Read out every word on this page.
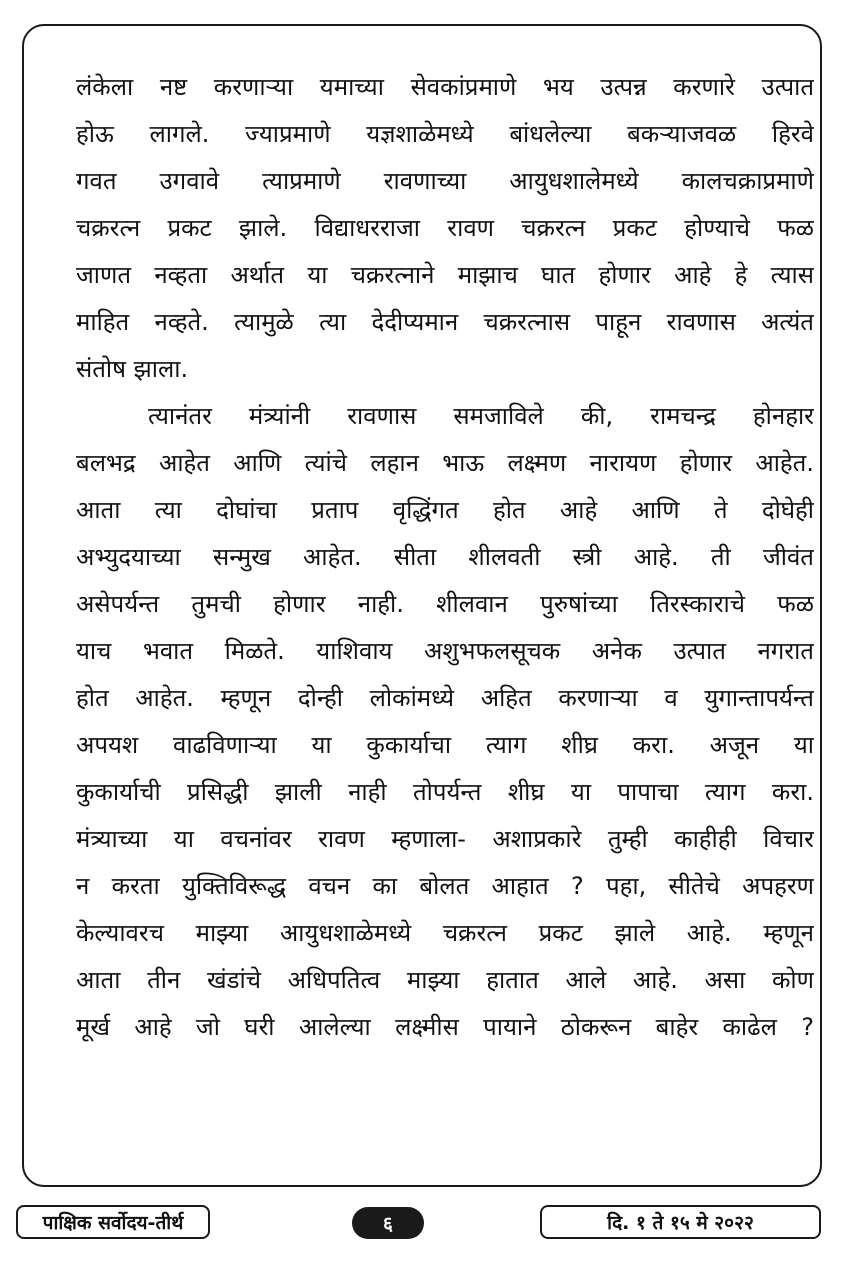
लंकेला नष्ट करणाऱ्या यमाच्या सेवकांप्रमाणे भय उत्पन्न करणारे उत्पात
होऊ लागले. ज्याप्रमाणे यज्ञशाळेमध्ये बांधलेल्या बकऱ्याजवळ हिरवे
गवत उगवावे त्याप्रमाणे रावणाच्या आयुधशालेमध्ये कालचक्राप्रमाणे
चक्ररत्न प्रकट झाले. विद्याधरराजा रावण चक्ररत्न प्रकट होण्याचे फळ
जाणत नव्हता अर्थात या चक्ररत्नाने माझाच घात होणार आहे हे त्यास
माहित नव्हते. त्यामुळे त्या देदीप्यमान चक्ररत्नास पाहून रावणास अत्यंत
संतोष झाला.
त्यानंतर मंत्र्यांनी रावणास समजाविले की, रामचन्द्र होनहार
बलभद्र आहेत आणि त्यांचे लहान भाऊ लक्ष्मण नारायण होणार आहेत.
आता त्या दोघांचा प्रताप वृद्धिंगत होत आहे आणि ते दोघेही
अभ्युदयाच्या सन्मुख आहेत. सीता शीलवती स्त्री आहे. ती जीवंत
असेपर्यन्त तुमची होणार नाही. शीलवान पुरुषांच्या तिरस्काराचे फळ
याच भवात मिळते. याशिवाय अशुभफलसूचक अनेक उत्पात नगरात
होत आहेत. म्हणून दोन्ही लोकांमध्ये अहित करणाऱ्या व युगान्तापर्यन्त
अपयश वाढविणाऱ्या या कुकार्याचा त्याग शीघ्र करा. अजून या
कुकार्याची प्रसिद्धी झाली नाही तोपर्यन्त शीघ्र या पापाचा त्याग करा.
मंत्र्याच्या या वचनांवर रावण म्हणाला- अशाप्रकारे तुम्ही काहीही विचार
न करता युक्तिविरूद्ध वचन का बोलत आहात ? पहा, सीतेचे अपहरण
केल्यावरच माझ्या आयुधशाळेमध्ये चक्ररत्न प्रकट झाले आहे. म्हणून
आता तीन खंडांचे अधिपतित्व माझ्या हातात आले आहे. असा कोण
मूर्ख आहे जो घरी आलेल्या लक्ष्मीस पायाने ठोकरून बाहेर काढेल ?
पाक्षिक सर्वोदय-तीर्थ	६	दि. १ ते १५ मे २०२२
